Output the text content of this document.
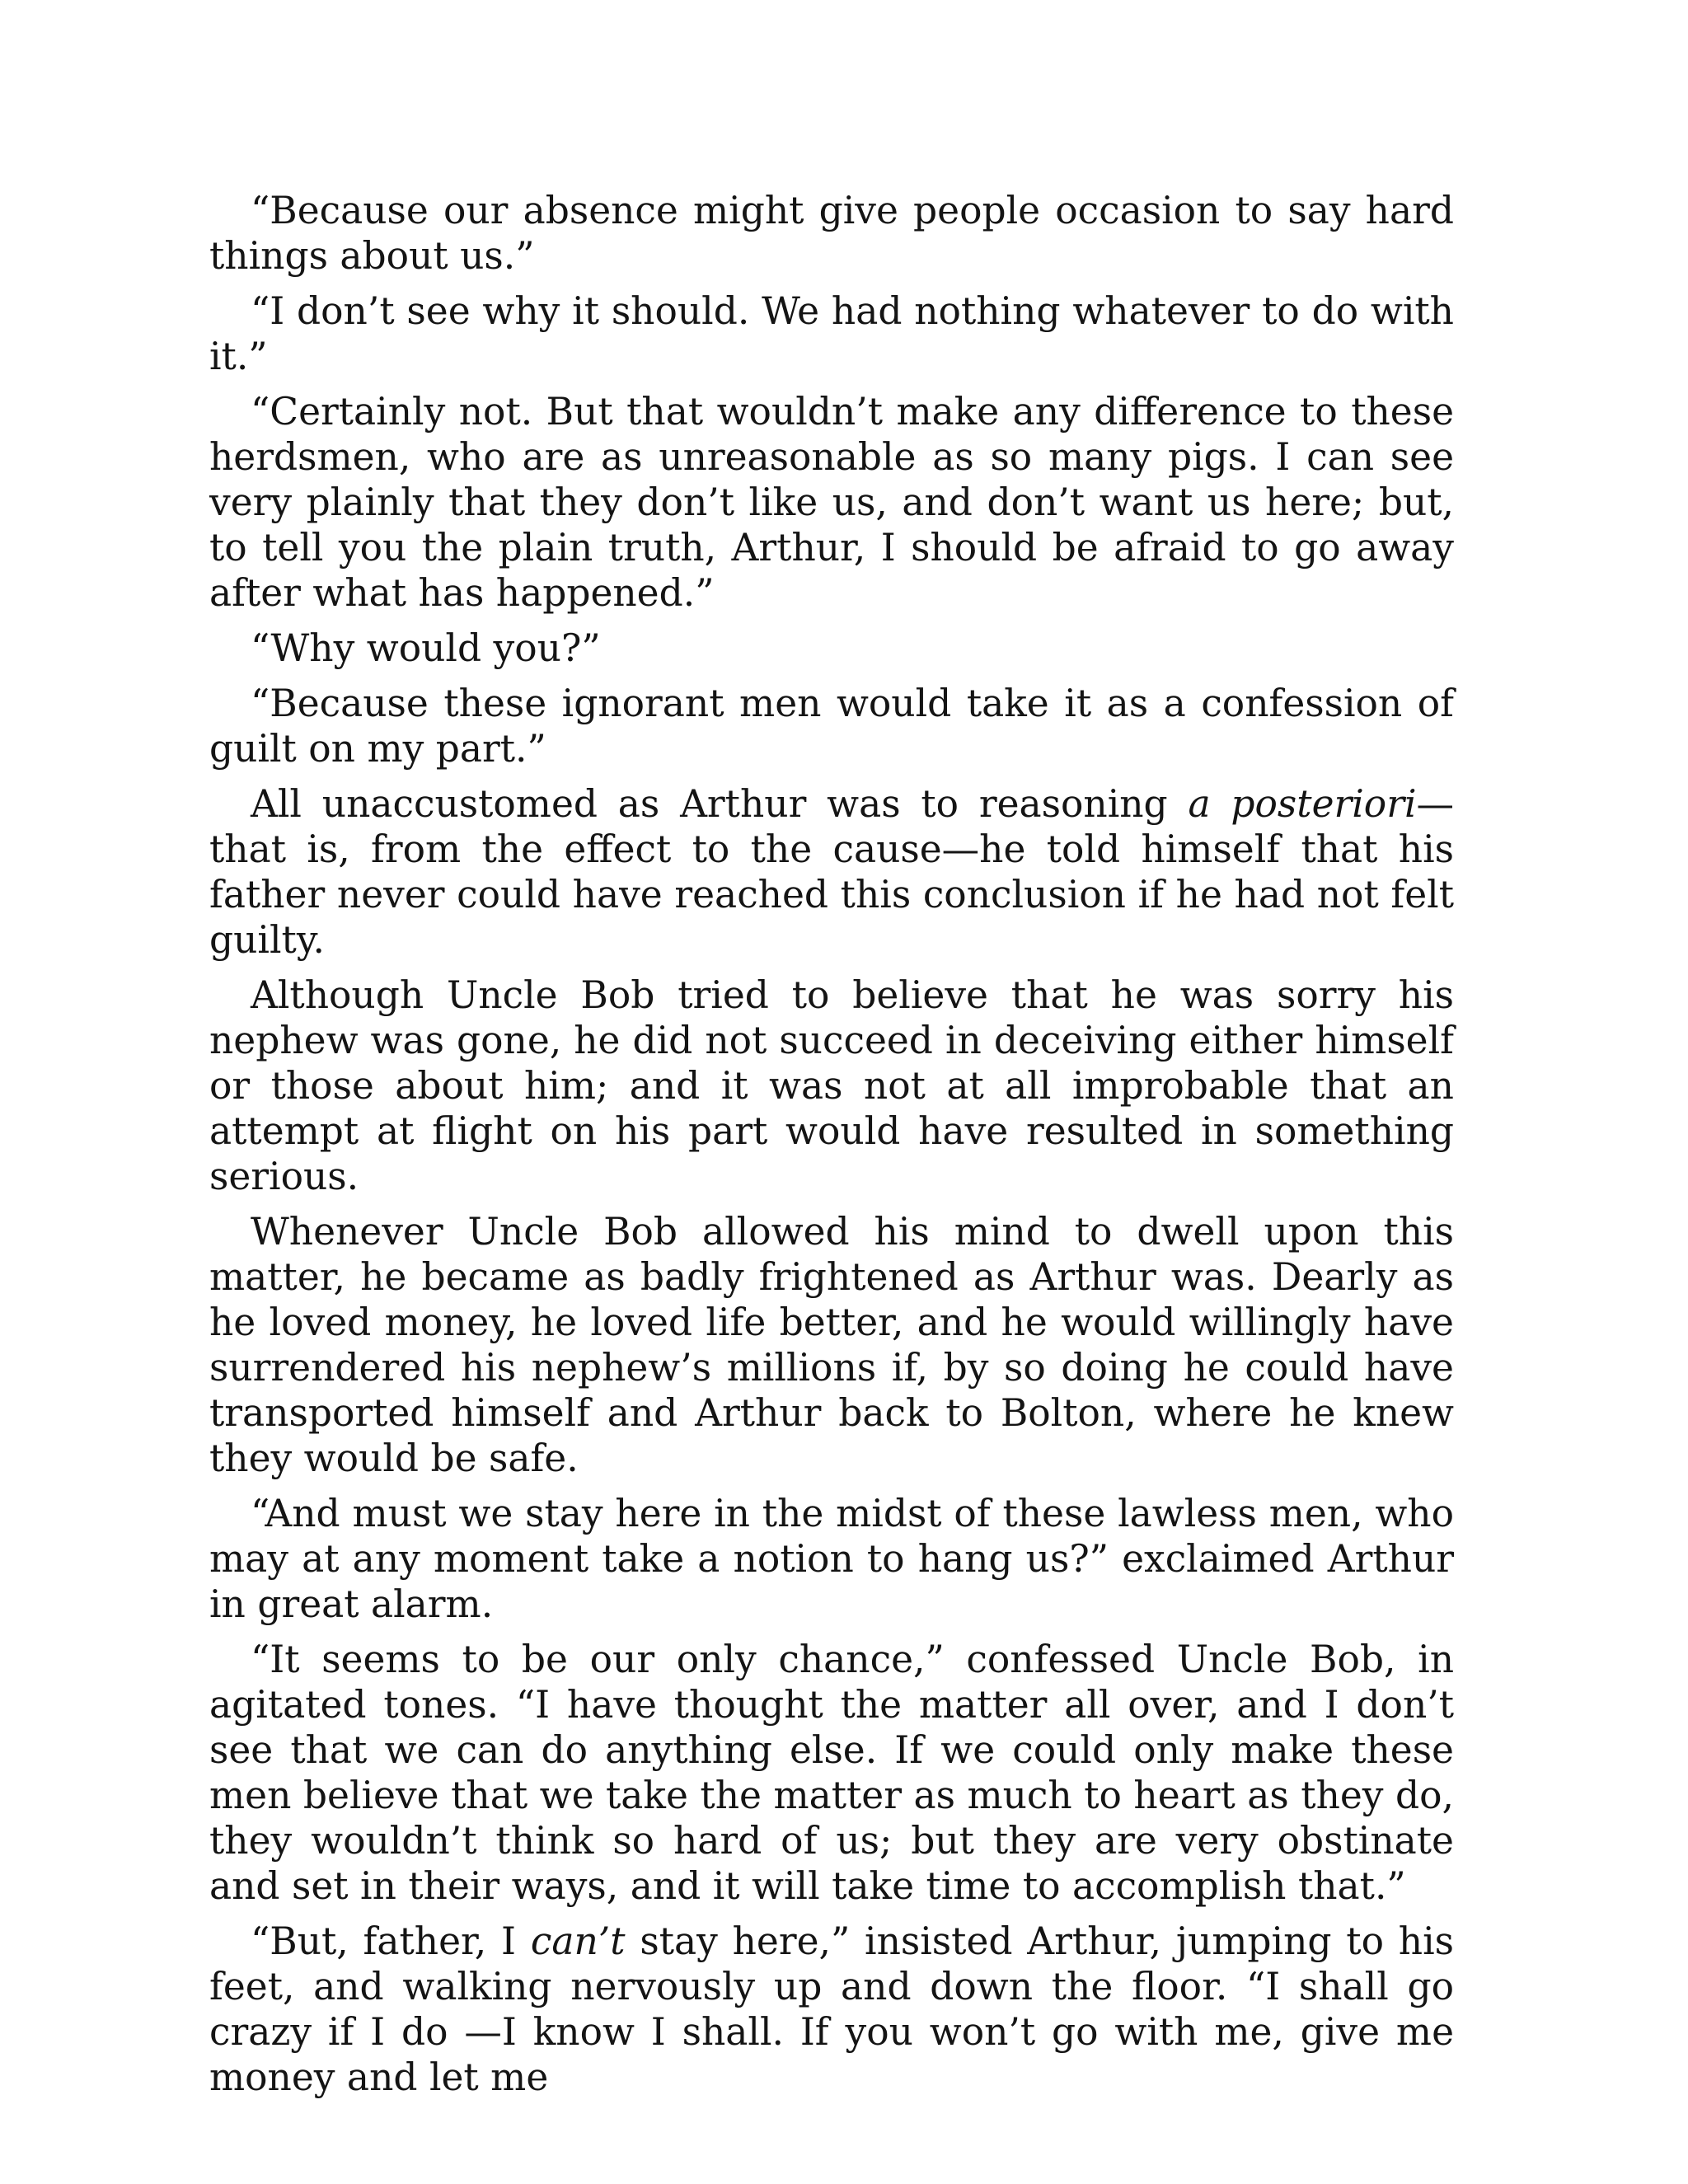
“Because our absence might give people occasion to say hard things about us.”

“I don’t see why it should. We had nothing whatever to do with it.”

“Certainly not. But that wouldn’t make any difference to these herdsmen, who are as unreasonable as so many pigs. I can see very plainly that they don’t like us, and don’t want us here; but, to tell you the plain truth, Arthur, I should be afraid to go away after what has happened.”

“Why would you?”

“Because these ignorant men would take it as a confession of guilt on my part.”

All unaccustomed as Arthur was to reasoning a posteriori—that is, from the effect to the cause—he told himself that his father never could have reached this conclusion if he had not felt guilty.

Although Uncle Bob tried to believe that he was sorry his nephew was gone, he did not succeed in deceiving either himself or those about him; and it was not at all improbable that an attempt at flight on his part would have resulted in something serious.

Whenever Uncle Bob allowed his mind to dwell upon this matter, he became as badly frightened as Arthur was. Dearly as he loved money, he loved life better, and he would willingly have surrendered his nephew’s millions if, by so doing he could have transported himself and Arthur back to Bolton, where he knew they would be safe.

“And must we stay here in the midst of these lawless men, who may at any moment take a notion to hang us?” exclaimed Arthur in great alarm.

“It seems to be our only chance,” confessed Uncle Bob, in agitated tones. “I have thought the matter all over, and I don’t see that we can do anything else. If we could only make these men believe that we take the matter as much to heart as they do, they wouldn’t think so hard of us; but they are very obstinate and set in their ways, and it will take time to accomplish that.”

“But, father, I can’t stay here,” insisted Arthur, jumping to his feet, and walking nervously up and down the floor. “I shall go crazy if I do —I know I shall. If you won’t go with me, give me money and let me
